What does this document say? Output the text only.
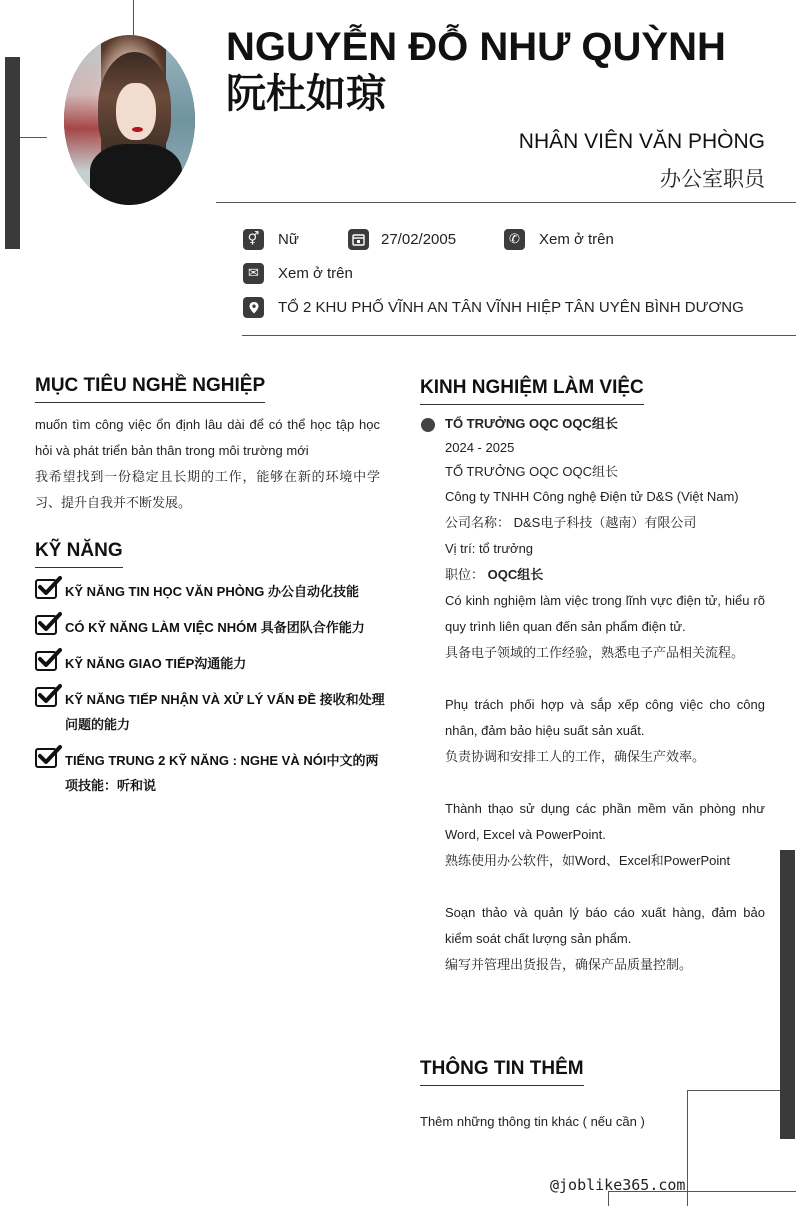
NGUYỄN ĐỖ NHƯ QUỲNH 阮杜如琼
NHÂN VIÊN VĂN PHÒNG
办公室职员
⚥	Nữ	27/02/2005	✆	Xem ở trên
✉	Xem ở trên
TỔ 2 KHU PHỐ VĨNH AN TÂN VĨNH HIỆP TÂN UYÊN BÌNH DƯƠNG
MỤC TIÊU NGHỀ NGHIỆP
muốn tìm công việc ổn định lâu dài để có thể học tập học hỏi và phát triển bản thân trong môi trường mới
我希望找到一份稳定且长期的工作，能够在新的环境中学习、提升自我并不断发展。
KỸ NĂNG
KỸ NĂNG TIN HỌC VĂN PHÒNG 办公自动化技能
CÓ KỸ NĂNG LÀM VIỆC NHÓM 具备团队合作能力
KỸ NĂNG GIAO TIẾP沟通能力
KỸ NĂNG TIẾP NHẬN VÀ XỬ LÝ VẤN ĐỀ 接收和处理问题的能力
TIẾNG TRUNG 2 KỸ NĂNG : NGHE VÀ NÓI中文的两项技能：听和说
KINH NGHIỆM LÀM VIỆC

TỔ TRƯỞNG OQC OQC组长

2024 - 2025

TỔ TRƯỞNG OQC OQC组长

Công ty TNHH Công nghệ Điện tử D&S (Việt Nam)

公司名称： D&S电子科技（越南）有限公司

Vị trí: tổ trưởng

职位： OQC组长

Có kinh nghiệm làm việc trong lĩnh vực điện tử, hiểu rõ quy trình liên quan đến sản phẩm điện tử.

具备电子领域的工作经验，熟悉电子产品相关流程。

Phụ trách phối hợp và sắp xếp công việc cho công nhân, đảm bảo hiệu suất sản xuất.

负责协调和安排工人的工作，确保生产效率。

Thành thạo sử dụng các phần mềm văn phòng như Word, Excel và PowerPoint.

熟练使用办公软件，如Word、Excel和PowerPoint

Soạn thảo và quản lý báo cáo xuất hàng, đảm bảo kiểm soát chất lượng sản phẩm.

编写并管理出货报告，确保产品质量控制。

THÔNG TIN THÊM
Thêm những thông tin khác ( nếu cần )
@joblike365.com
